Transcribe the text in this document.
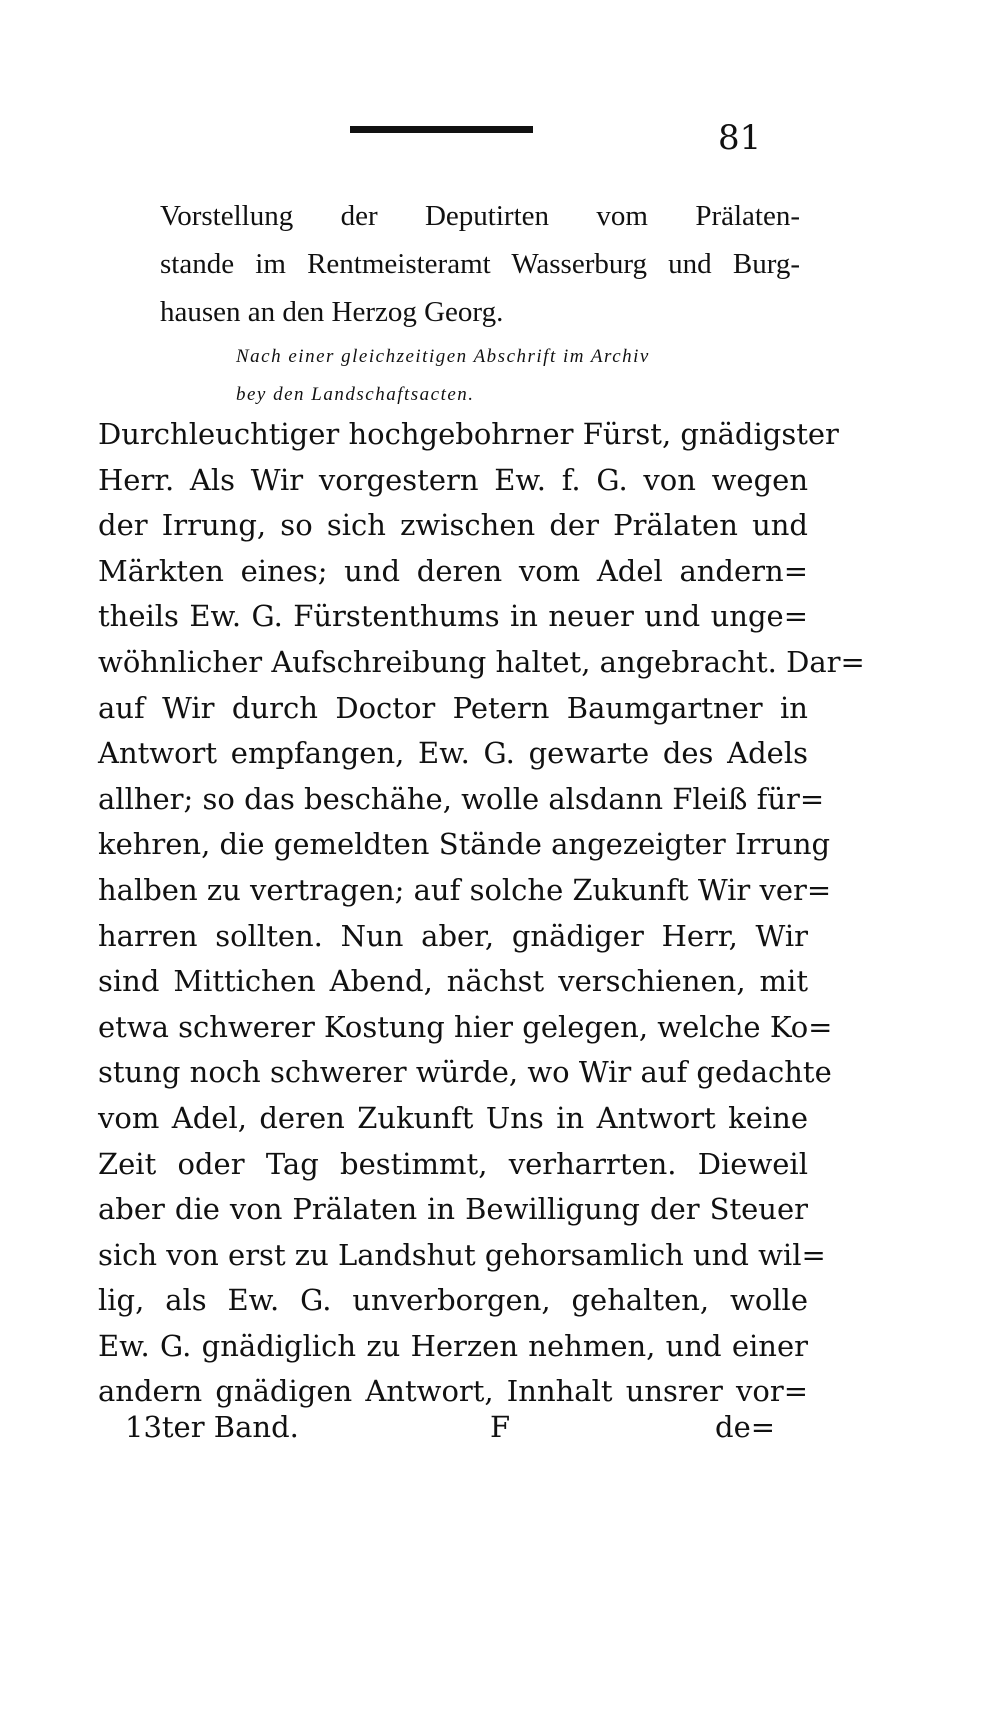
81
Vorstellung der Deputirten vom Prälaten-
stande im Rentmeisteramt Wasserburg und Burg-
hausen an den Herzog Georg.
Nach einer gleichzeitigen Abschrift im Archiv
bey den Landschaftsacten.
Durchleuchtiger hochgebohrner Fürst, gnädigster
Herr. Als Wir vorgestern Ew. f. G. von wegen
der Irrung, so sich zwischen der Prälaten und
Märkten eines; und deren vom Adel andern=
theils Ew. G. Fürstenthums in neuer und unge=
wöhnlicher Aufschreibung haltet, angebracht. Dar=
auf Wir durch Doctor Petern Baumgartner in
Antwort empfangen, Ew. G. gewarte des Adels
allher; so das beschähe, wolle alsdann Fleiß für=
kehren, die gemeldten Stände angezeigter Irrung
halben zu vertragen; auf solche Zukunft Wir ver=
harren sollten. Nun aber, gnädiger Herr, Wir
sind Mittichen Abend, nächst verschienen, mit
etwa schwerer Kostung hier gelegen, welche Ko=
stung noch schwerer würde, wo Wir auf gedachte
vom Adel, deren Zukunft Uns in Antwort keine
Zeit oder Tag bestimmt, verharrten. Dieweil
aber die von Prälaten in Bewilligung der Steuer
sich von erst zu Landshut gehorsamlich und wil=
lig, als Ew. G. unverborgen, gehalten, wolle
Ew. G. gnädiglich zu Herzen nehmen, und einer
andern gnädigen Antwort, Innhalt unsrer vor=
13ter Band.	F	de=
